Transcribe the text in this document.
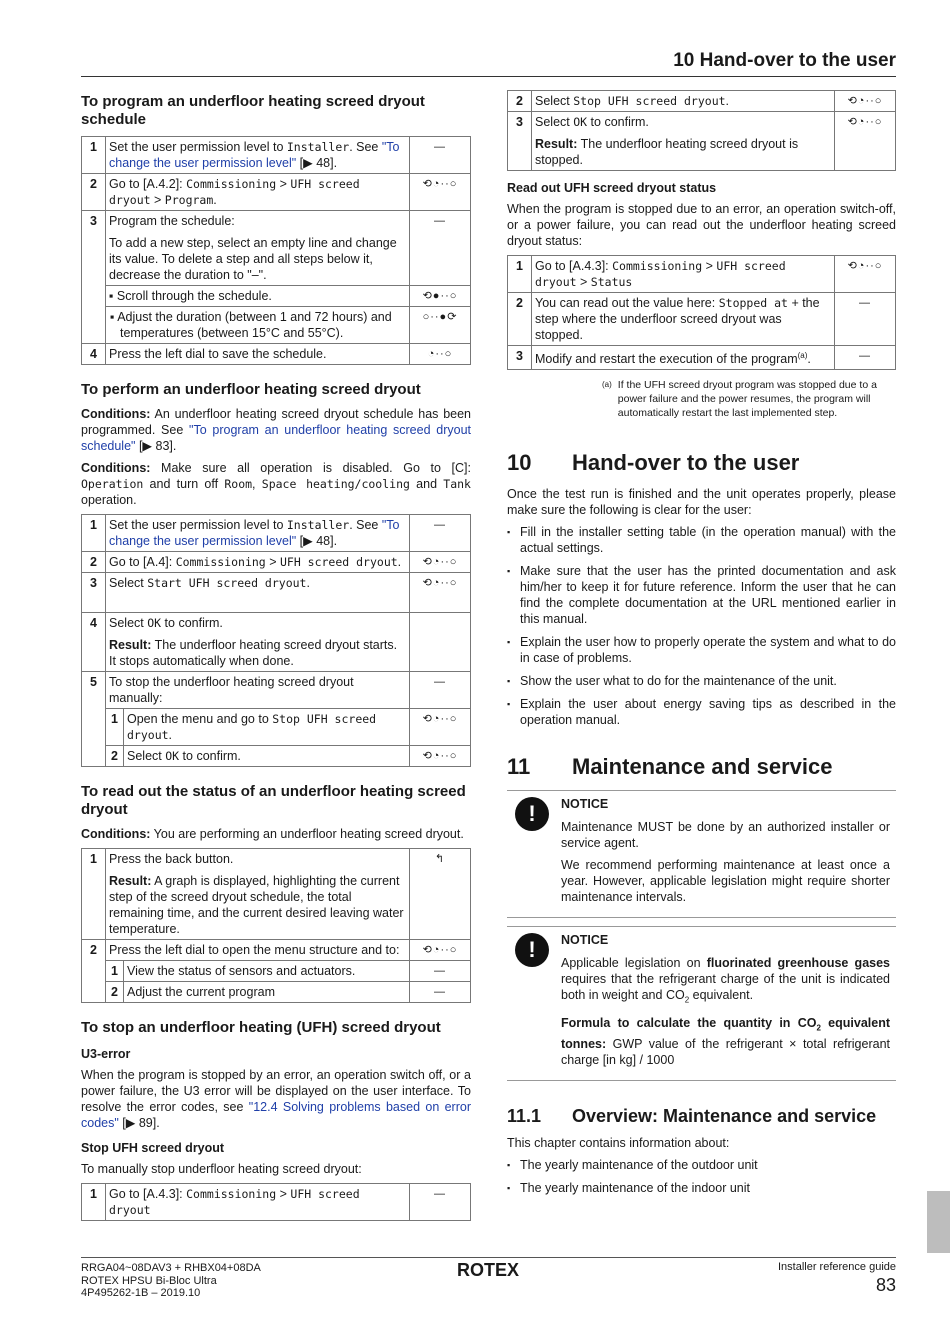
10 Hand-over to the user
To program an underfloor heating screed dryout schedule
1	Set the user permission level to Installer. See "To change the user permission level" [▶ 48].	—
2	Go to [A.4.2]: Commissioning > UFH screed dryout > Program.	⟲◔··○
3	Program the schedule:
To add a new step, select an empty line and change its value. To delete a step and all steps below it, decrease the duration to "–".	—
	▪ Scroll through the schedule.	⟲●··○
	▪ Adjust the duration (between 1 and 72 hours) and temperatures (between 15°C and 55°C).	○··●⟳
4	Press the left dial to save the schedule.	◔··○
To perform an underfloor heating screed dryout

Conditions: An underfloor heating screed dryout schedule has been programmed. See "To program an underfloor heating screed dryout schedule" [▶ 83].

Conditions: Make sure all operation is disabled. Go to [C]: Operation and turn off Room, Space heating/cooling and Tank operation.

1	Set the user permission level to Installer. See "To change the user permission level" [▶ 48].		—
2	Go to [A.4]: Commissioning > UFH screed dryout.		⟲◔··○
3	Select Start UFH screed dryout.		⟲◔··○
4	Select OK to confirm.
Result: The underfloor heating screed dryout starts. It stops automatically when done.		

5	To stop the underfloor heating screed dryout manually:		—
	1	Open the menu and go to Stop UFH screed dryout.	⟲◔··○
	2	Select OK to confirm.	⟲◔··○
To read out the status of an underfloor heating screed dryout

Conditions: You are performing an underfloor heating screed dryout.

1	Press the back button.
Result: A graph is displayed, highlighting the current step of the screed dryout schedule, the total remaining time, and the current desired leaving water temperature.		↰
2	Press the left dial to open the menu structure and to:		⟲◔··○
	1	View the status of sensors and actuators.	—
	2	Adjust the current program	—
To stop an underfloor heating (UFH) screed dryout
U3-error

When the program is stopped by an error, an operation switch off, or a power failure, the U3 error will be displayed on the user interface. To resolve the error codes, see "12.4 Solving problems based on error codes" [▶ 89].

Stop UFH screed dryout

To manually stop underfloor heating screed dryout:

1	Go to [A.4.3]: Commissioning > UFH screed dryout	—
2	Select Stop UFH screed dryout.	⟲◔··○
3	Select OK to confirm.
Result: The underfloor heating screed dryout is stopped.	⟲◔··○
Read out UFH screed dryout status

When the program is stopped due to an error, an operation switch-off, or a power failure, you can read out the underfloor heating screed dryout status:

1	Go to [A.4.3]: Commissioning > UFH screed dryout > Status	⟲◔··○
2	You can read out the value here: Stopped at + the step where the underfloor screed dryout was stopped.	—
3	Modify and restart the execution of the program$^{(a)}$.	—
(a) If the UFH screed dryout program was stopped due to a power failure and the power resumes, the program will automatically restart the last implemented step.
10	Hand-over to the user

Once the test run is finished and the unit operates properly, please make sure the following is clear for the user:

▪ Fill in the installer setting table (in the operation manual) with the actual settings.
▪ Make sure that the user has the printed documentation and ask him/her to keep it for future reference. Inform the user that he can find the complete documentation at the URL mentioned earlier in this manual.
▪ Explain the user how to properly operate the system and what to do in case of problems.
▪ Show the user what to do for the maintenance of the unit.
▪ Explain the user about energy saving tips as described in the operation manual.
11	Maintenance and service
!	NOTICE

Maintenance MUST be done by an authorized installer or service agent.

We recommend performing maintenance at least once a year. However, applicable legislation might require shorter maintenance intervals.

!	NOTICE

Applicable legislation on fluorinated greenhouse gases requires that the refrigerant charge of the unit is indicated both in weight and $CO_2$ equivalent.

Formula to calculate the quantity in $CO_2$ equivalent tonnes: GWP value of the refrigerant × total refrigerant charge [in kg] / 1000

11.1	Overview: Maintenance and service

This chapter contains information about:

▪ The yearly maintenance of the outdoor unit
▪ The yearly maintenance of the indoor unit
RRGA04~08DAV3 + RHBX04+08DA
ROTEX HPSU Bi-Bloc Ultra
4P495262-1B – 2019.10
ROTEX	Installer reference guide
83
